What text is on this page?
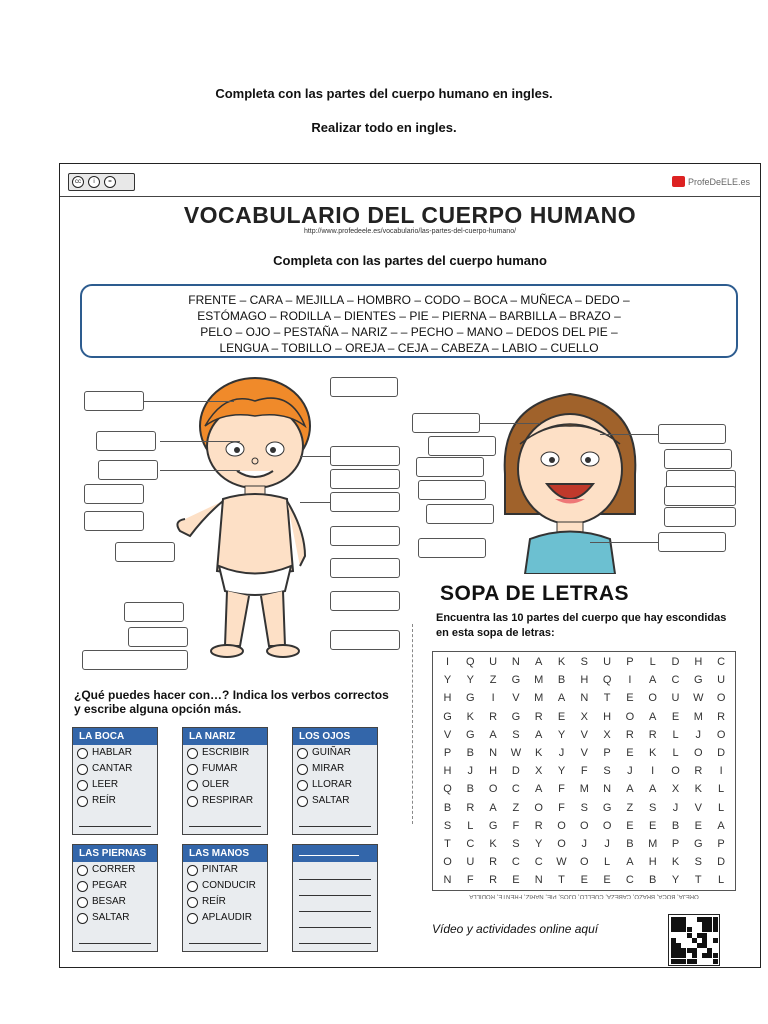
Completa con las partes del cuerpo humano en ingles.
Realizar todo en ingles.
cc	i	=	ProfeDeELE.es
VOCABULARIO DEL CUERPO HUMANO
http://www.profedeele.es/vocabulario/las-partes-del-cuerpo-humano/
Completa con las partes del cuerpo humano
FRENTE – CARA – MEJILLA – HOMBRO – CODO – BOCA – MUÑECA – DEDO –
ESTÓMAGO – RODILLA – DIENTES – PIE – PIERNA – BARBILLA – BRAZO –
PELO – OJO – PESTAÑA – NARIZ – – PECHO – MANO – DEDOS DEL PIE –
LENGUA – TOBILLO – OREJA – CEJA – CABEZA – LABIO – CUELLO
SOPA DE LETRAS
Encuentra las 10 partes del cuerpo que hay escondidas en esta sopa de letras:
I	Q	U	N	A	K	S	U	P	L	D	H	C
Y	Y	Z	G	M	B	H	Q	I	A	C	G	U
H	G	I	V	M	A	N	T	E	O	U	W	O
G	K	R	G	R	E	X	H	O	A	E	M	R
V	G	A	S	A	Y	V	X	R	R	L	J	O
P	B	N	W	K	J	V	P	E	K	L	O	D
H	J	H	D	X	Y	F	S	J	I	O	R	I
Q	B	O	C	A	F	M	N	A	A	X	K	L
B	R	A	Z	O	F	S	G	Z	S	J	V	L
S	L	G	F	R	O	O	O	E	E	B	E	A
T	C	K	S	Y	O	J	J	B	M	P	G	P
O	U	R	C	C	W	O	L	A	H	K	S	D
N	F	R	E	N	T	E	E	C	B	Y	T	L
OREJA, BOCA, BRAZO, CABEZA, CUELLO, OJOS, PIE, NARIZ, FRENTE, RODILLA
Vídeo y actividades online aquí
¿Qué puedes hacer con…? Indica los verbos correctos y escribe alguna opción más.
LA BOCA
HABLAR
CANTAR
LEER
REÍR
LA NARIZ
ESCRIBIR
FUMAR
OLER
RESPIRAR
LOS OJOS
GUIÑAR
MIRAR
LLORAR
SALTAR
LAS PIERNAS
CORRER
PEGAR
BESAR
SALTAR
LAS MANOS
PINTAR
CONDUCIR
REÍR
APLAUDIR
